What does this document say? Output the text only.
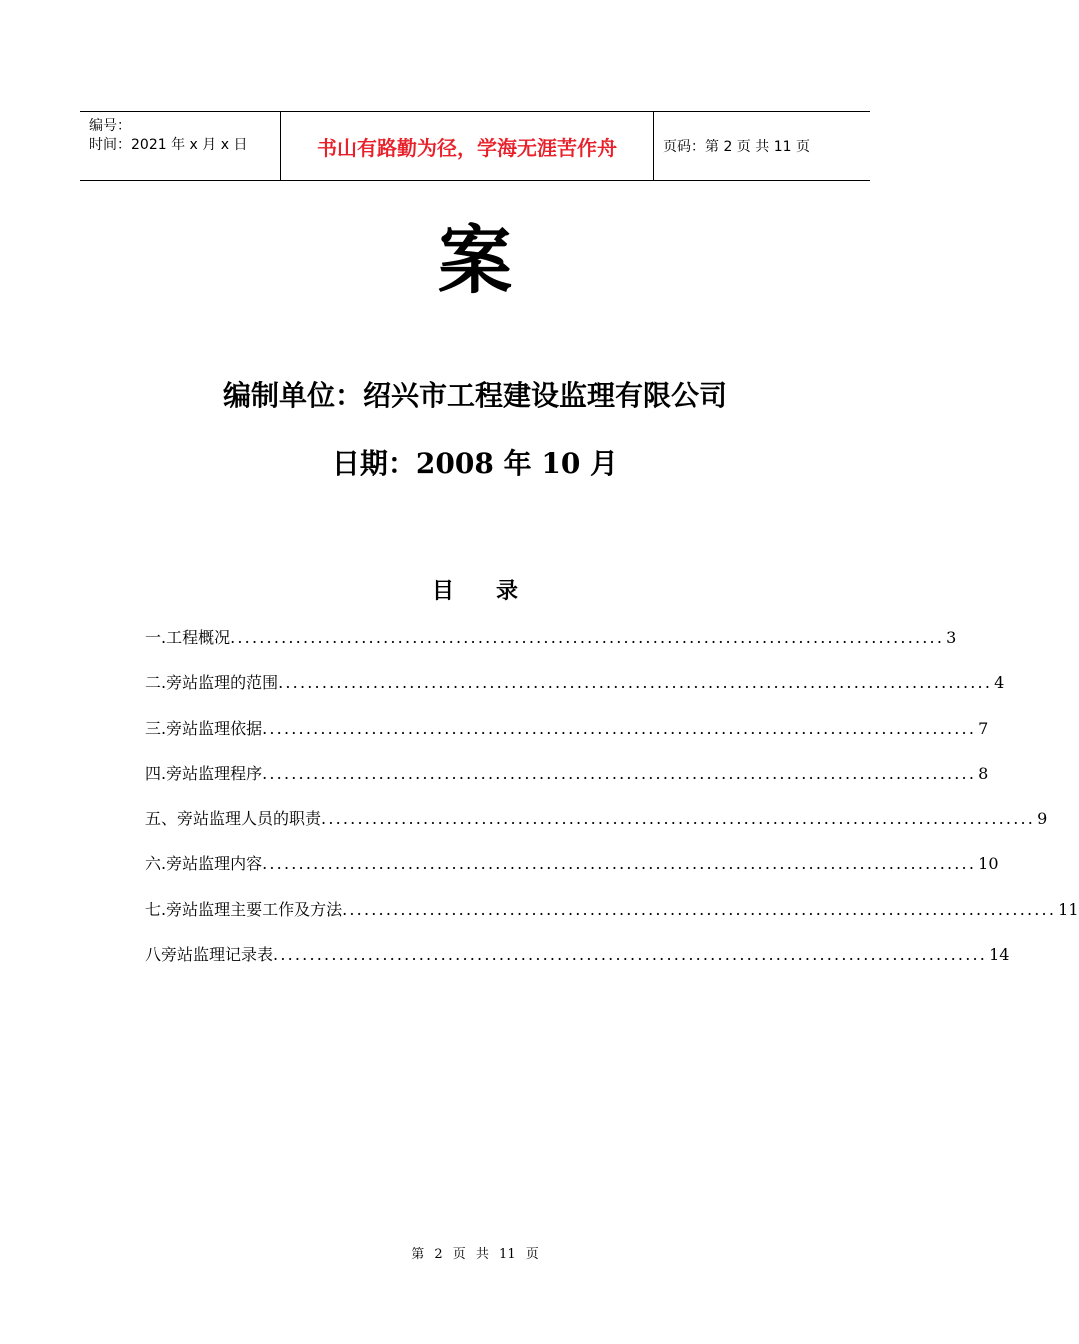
编号：
时间：2021 年 x 月 x 日	书山有路勤为径，学海无涯苦作舟	页码：第 2 页 共 11 页
案
编制单位：绍兴市工程建设监理有限公司
日期：2008 年 10 月
目 录
一. 工程概况 .................................................................................................. 3
二. 旁站监理的范围 .................................................................................................. 4
三. 旁站监理依据 .................................................................................................. 7
四. 旁站监理程序 .................................................................................................. 8
五、 旁站监理人员的职责 .................................................................................................. 9
六. 旁站监理内容 .................................................................................................. 10
七. 旁站监理主要工作及方法 .................................................................................................. 11
八 旁站监理记录表 .................................................................................................. 14
第 2 页 共 11 页
